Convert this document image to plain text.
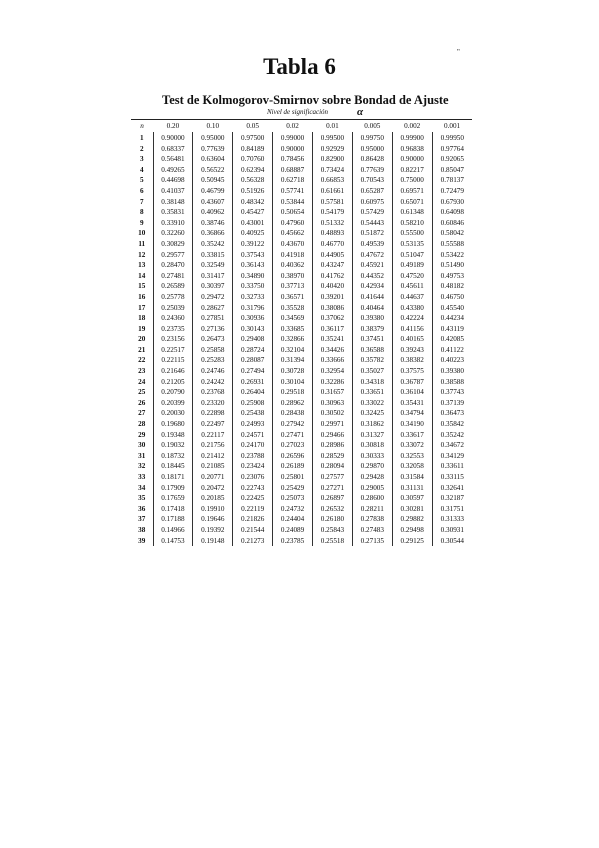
"
Tabla 6
Test de Kolmogorov-Smirnov sobre Bondad de Ajuste
Nivel de significación	α
n	0.20	0.10	0.05	0.02	0.01	0.005	0.002	0.001
1	0.90000	0.95000	0.97500	0.99000	0.99500	0.99750	0.99900	0.99950
2	0.68337	0.77639	0.84189	0.90000	0.92929	0.95000	0.96838	0.97764
3	0.56481	0.63604	0.70760	0.78456	0.82900	0.86428	0.90000	0.92065
4	0.49265	0.56522	0.62394	0.68887	0.73424	0.77639	0.82217	0.85047
5	0.44698	0.50945	0.56328	0.62718	0.66853	0.70543	0.75000	0.78137
6	0.41037	0.46799	0.51926	0.57741	0.61661	0.65287	0.69571	0.72479
7	0.38148	0.43607	0.48342	0.53844	0.57581	0.60975	0.65071	0.67930
8	0.35831	0.40962	0.45427	0.50654	0.54179	0.57429	0.61348	0.64098
9	0.33910	0.38746	0.43001	0.47960	0.51332	0.54443	0.58210	0.60846
10	0.32260	0.36866	0.40925	0.45662	0.48893	0.51872	0.55500	0.58042
11	0.30829	0.35242	0.39122	0.43670	0.46770	0.49539	0.53135	0.55588
12	0.29577	0.33815	0.37543	0.41918	0.44905	0.47672	0.51047	0.53422
13	0.28470	0.32549	0.36143	0.40362	0.43247	0.45921	0.49189	0.51490
14	0.27481	0.31417	0.34890	0.38970	0.41762	0.44352	0.47520	0.49753
15	0.26589	0.30397	0.33750	0.37713	0.40420	0.42934	0.45611	0.48182
16	0.25778	0.29472	0.32733	0.36571	0.39201	0.41644	0.44637	0.46750
17	0.25039	0.28627	0.31796	0.35528	0.38086	0.40464	0.43380	0.45540
18	0.24360	0.27851	0.30936	0.34569	0.37062	0.39380	0.42224	0.44234
19	0.23735	0.27136	0.30143	0.33685	0.36117	0.38379	0.41156	0.43119
20	0.23156	0.26473	0.29408	0.32866	0.35241	0.37451	0.40165	0.42085
21	0.22517	0.25858	0.28724	0.32104	0.34426	0.36588	0.39243	0.41122
22	0.22115	0.25283	0.28087	0.31394	0.33666	0.35782	0.38382	0.40223
23	0.21646	0.24746	0.27494	0.30728	0.32954	0.35027	0.37575	0.39380
24	0.21205	0.24242	0.26931	0.30104	0.32286	0.34318	0.36787	0.38588
25	0.20790	0.23768	0.26404	0.29518	0.31657	0.33651	0.36104	0.37743
26	0.20399	0.23320	0.25908	0.28962	0.30963	0.33022	0.35431	0.37139
27	0.20030	0.22898	0.25438	0.28438	0.30502	0.32425	0.34794	0.36473
28	0.19680	0.22497	0.24993	0.27942	0.29971	0.31862	0.34190	0.35842
29	0.19348	0.22117	0.24571	0.27471	0.29466	0.31327	0.33617	0.35242
30	0.19032	0.21756	0.24170	0.27023	0.28986	0.30818	0.33072	0.34672
31	0.18732	0.21412	0.23788	0.26596	0.28529	0.30333	0.32553	0.34129
32	0.18445	0.21085	0.23424	0.26189	0.28094	0.29870	0.32058	0.33611
33	0.18171	0.20771	0.23076	0.25801	0.27577	0.29428	0.31584	0.33115
34	0.17909	0.20472	0.22743	0.25429	0.27271	0.29005	0.31131	0.32641
35	0.17659	0.20185	0.22425	0.25073	0.26897	0.28600	0.30597	0.32187
36	0.17418	0.19910	0.22119	0.24732	0.26532	0.28211	0.30281	0.31751
37	0.17188	0.19646	0.21826	0.24404	0.26180	0.27838	0.29882	0.31333
38	0.14966	0.19392	0.21544	0.24089	0.25843	0.27483	0.29498	0.30931
39	0.14753	0.19148	0.21273	0.23785	0.25518	0.27135	0.29125	0.30544
